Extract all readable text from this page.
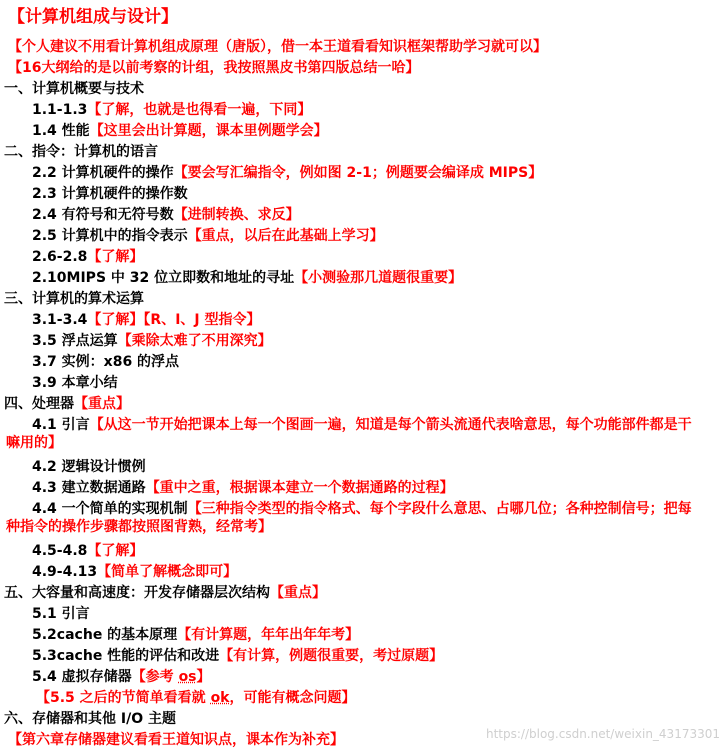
【计算机组成与设计】
【个人建议不用看计算机组成原理（唐版），借一本王道看看知识框架帮助学习就可以】
【16大纲给的是以前考察的计组，我按照黑皮书第四版总结一哈】
一、计算机概要与技术
1.1-1.3【了解，也就是也得看一遍，下同】
1.4 性能【这里会出计算题，课本里例题学会】
二、指令：计算机的语言
2.2 计算机硬件的操作【要会写汇编指令，例如图 2-1；例题要会编译成 MIPS】
2.3 计算机硬件的操作数
2.4 有符号和无符号数【进制转换、求反】
2.5 计算机中的指令表示【重点，以后在此基础上学习】
2.6-2.8【了解】
2.10MIPS 中 32 位立即数和地址的寻址【小测验那几道题很重要】
三、计算机的算术运算
3.1-3.4【了解】【R、I、J 型指令】
3.5 浮点运算【乘除太难了不用深究】
3.7 实例：x86 的浮点
3.9 本章小结
四、处理器【重点】
4.1 引言【从这一节开始把课本上每一个图画一遍，知道是每个箭头流通代表啥意思，每个功能部件都是干嘛用的】
4.2 逻辑设计惯例
4.3 建立数据通路【重中之重，根据课本建立一个数据通路的过程】
4.4 一个简单的实现机制【三种指令类型的指令格式、每个字段什么意思、占哪几位；各种控制信号；把每种指令的操作步骤都按照图背熟，经常考】
4.5-4.8【了解】
4.9-4.13【简单了解概念即可】
五、大容量和高速度：开发存储器层次结构【重点】
5.1 引言
5.2cache 的基本原理【有计算题，年年出年年考】
5.3cache 性能的评估和改进【有计算，例题很重要，考过原题】
5.4 虚拟存储器【参考 os】
【5.5 之后的节简单看看就 ok，可能有概念问题】
六、存储器和其他 I/O 主题
【第六章存储器建议看看王道知识点，课本作为补充】	https://blog.csdn.net/weixin_43173301
